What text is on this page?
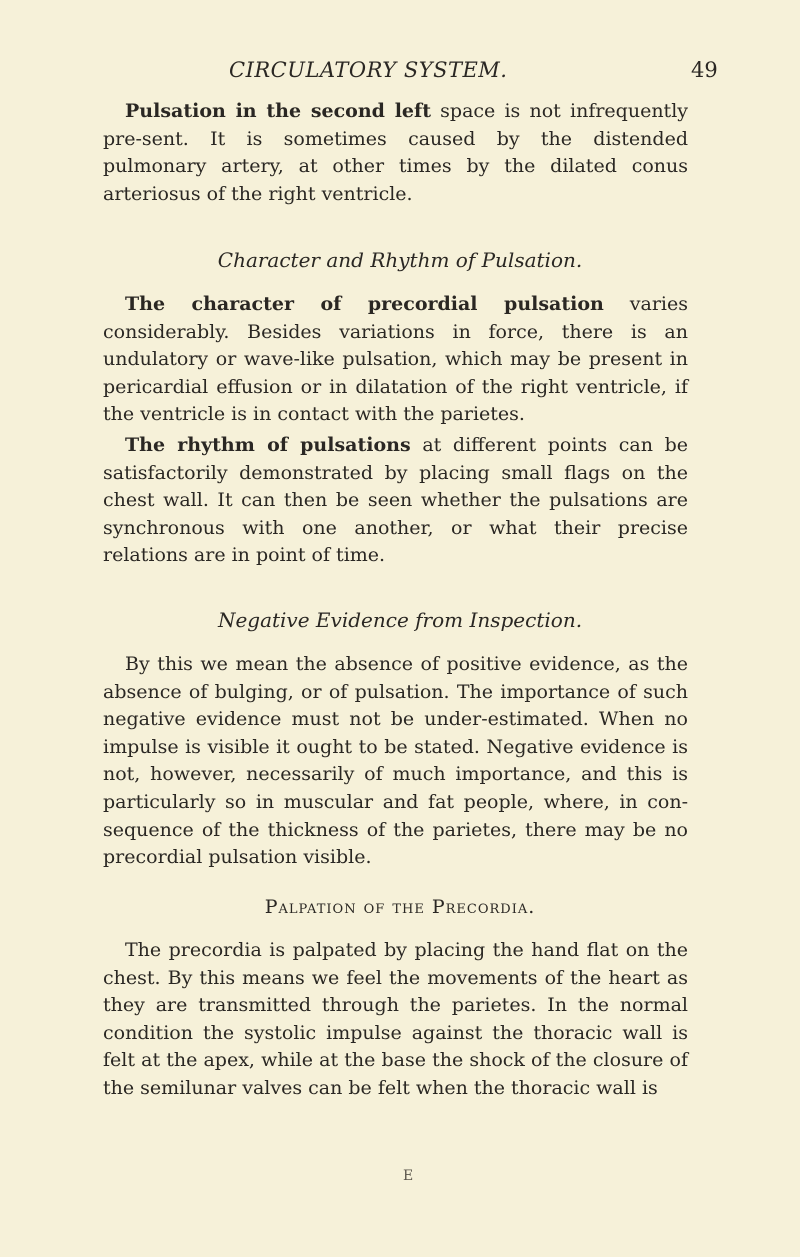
CIRCULATORY SYSTEM.	49

Pulsation in the second left space is not infrequently pre-sent. It is sometimes caused by the distended pulmonary artery, at other times by the dilated conus arteriosus of the right ventricle.

Character and Rhythm of Pulsation.

The character of precordial pulsation varies considerably. Besides variations in force, there is an undulatory or wave-like pulsation, which may be present in pericardial effusion or in dilatation of the right ventricle, if the ventricle is in contact with the parietes.

The rhythm of pulsations at different points can be satisfactorily demonstrated by placing small flags on the chest wall. It can then be seen whether the pulsations are synchronous with one another, or what their precise relations are in point of time.

Negative Evidence from Inspection.

By this we mean the absence of positive evidence, as the absence of bulging, or of pulsation. The importance of such negative evidence must not be under-estimated. When no impulse is visible it ought to be stated. Negative evidence is not, however, necessarily of much importance, and this is particularly so in muscular and fat people, where, in con-sequence of the thickness of the parietes, there may be no precordial pulsation visible.

Palpation of the Precordia.

The precordia is palpated by placing the hand flat on the chest. By this means we feel the movements of the heart as they are transmitted through the parietes. In the normal condition the systolic impulse against the thoracic wall is felt at the apex, while at the base the shock of the closure of the semilunar valves can be felt when the thoracic wall is

E
